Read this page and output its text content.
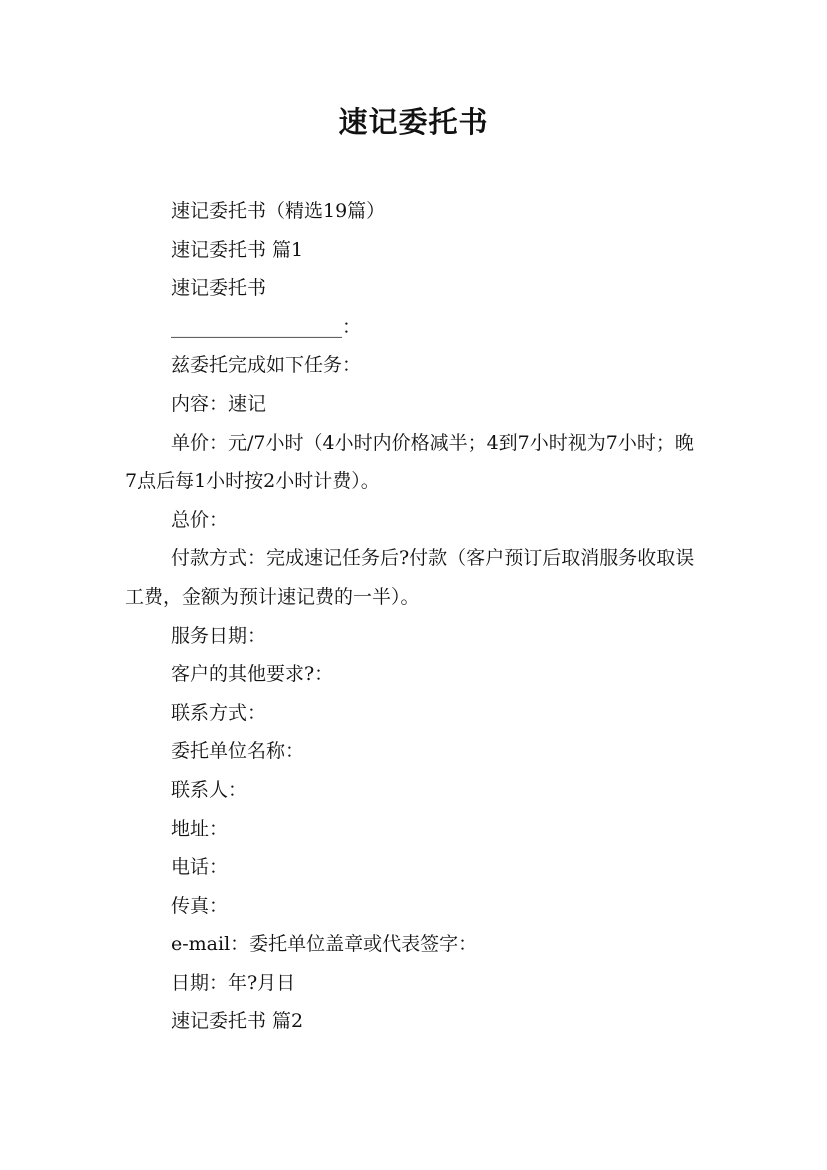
速记委托书

速记委托书（精选19篇）

速记委托书 篇1

速记委托书

__________________：

兹委托完成如下任务：

内容：速记

单价：元/7小时（4小时内价格减半；4到7小时视为7小时；晚7点后每1小时按2小时计费）。

总价：

付款方式：完成速记任务后?付款（客户预订后取消服务收取误工费，金额为预计速记费的一半）。

服务日期：

客户的其他要求?：

联系方式：

委托单位名称：

联系人：

地址：

电话：

传真：

e-mail：委托单位盖章或代表签字：

日期：年?月日

速记委托书 篇2
